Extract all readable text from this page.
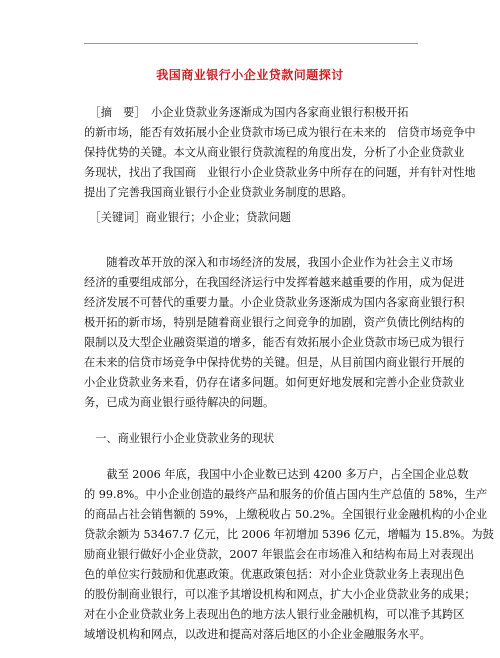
我国商业银行小企业贷款问题探讨
　［摘　要］　小企业贷款业务逐渐成为国内各家商业银行积极开拓
的新市场，能否有效拓展小企业贷款市场已成为银行在未来的　信贷市场竞争中
保持优势的关键。本文从商业银行贷款流程的角度出发，分析了小企业贷款业
务现状，找出了我国商　业银行小企业贷款业务中所存在的问题，并有针对性地
提出了完善我国商业银行小企业贷款业务制度的思路。
　［关键词］商业银行；小企业；贷款问题
　　随着改革开放的深入和市场经济的发展，我国小企业作为社会主义市场
经济的重要组成部分，在我国经济运行中发挥着越来越重要的作用，成为促进
经济发展不可替代的重要力量。小企业贷款业务逐渐成为国内各家商业银行积
极开拓的新市场，特别是随着商业银行之间竞争的加剧，资产负债比例结构的
限制以及大型企业融资渠道的增多，能否有效拓展小企业贷款市场已成为银行
在未来的信贷市场竞争中保持优势的关键。但是，从目前国内商业银行开展的
小企业贷款业务来看，仍存在诸多问题。如何更好地发展和完善小企业贷款业
务，已成为商业银行亟待解决的问题。
　一、商业银行小企业贷款业务的现状
　　截至 2006 年底，我国中小企业数已达到 4200 多万户，占全国企业总数
的 99.8%。中小企业创造的最终产品和服务的价值占国内生产总值的 58%，生产
的商品占社会销售额的 59%，上缴税收占 50.2%。全国银行业金融机构的小企业
贷款余额为 53467.7 亿元，比 2006 年初增加 5396 亿元，增幅为 15.8%。为鼓
励商业银行做好小企业贷款，2007 年银监会在市场准入和结构布局上对表现出
色的单位实行鼓励和优惠政策。优惠政策包括：对小企业贷款业务上表现出色
的股份制商业银行，可以准予其增设机构和网点，扩大小企业贷款业务的成果；
对在小企业贷款业务上表现出色的地方法人银行业金融机构，可以准予其跨区
域增设机构和网点，以改进和提高对落后地区的小企业金融服务水平。
